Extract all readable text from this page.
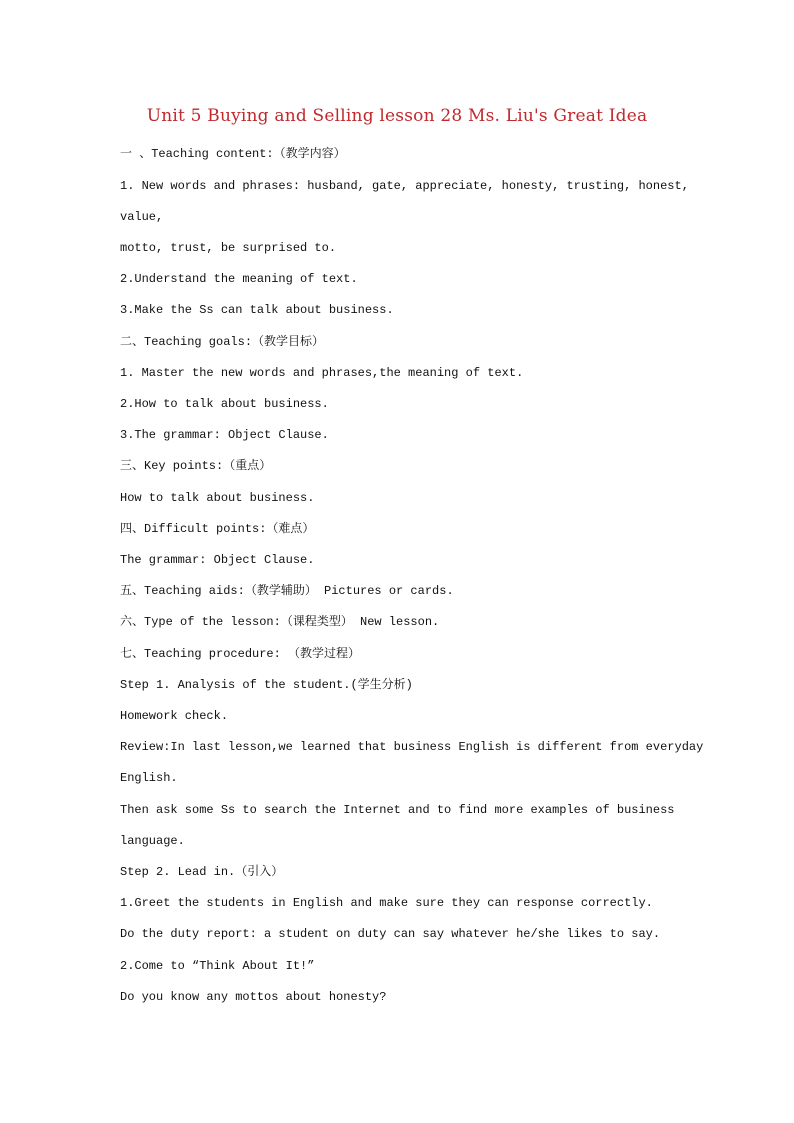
Unit 5 Buying and Selling lesson 28 Ms. Liu's Great Idea
一 、Teaching content:（教学内容）
1. New words and phrases: husband, gate, appreciate, honesty, trusting, honest,
value,
motto, trust, be surprised to.
2.Understand the meaning of text.
3.Make the Ss can talk about business.
二、Teaching goals:（教学目标）
1. Master the new words and phrases,the meaning of text.
2.How to talk about business.
3.The grammar: Object Clause.
三、Key points:（重点）
How to talk about business.
四、Difficult points:（难点）
The grammar: Object Clause.
五、Teaching aids:（教学辅助） Pictures or cards.
六、Type of the lesson:（课程类型） New lesson.
七、Teaching procedure: （教学过程）
Step 1. Analysis of the student.(学生分析)
Homework check.
Review:In last lesson,we learned that business English is different from everyday
English.
Then ask some Ss to search the Internet and to find more examples of business
language.
Step 2. Lead in.（引入）
1.Greet the students in English and make sure they can response correctly.
Do the duty report: a student on duty can say whatever he/she likes to say.
2.Come to “Think About It!”
Do you know any mottos about honesty?
